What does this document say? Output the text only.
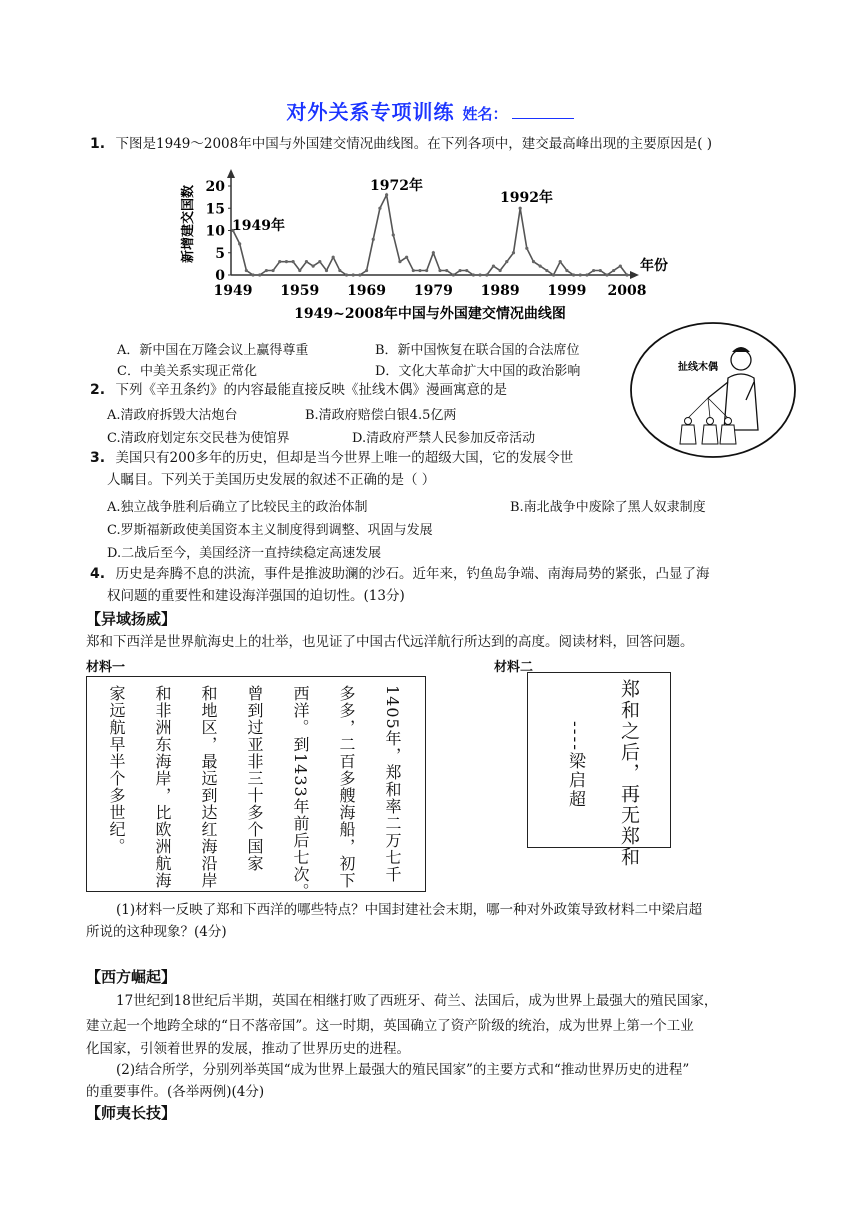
对外关系专项训练 姓名：
1. 下图是1949～2008年中国与外国建交情况曲线图。在下列各项中，建交最高峰出现的主要原因是( )
新增建交国数
0
5
10
15
20
1949 1959 1969 1979 1989 1999 2008
1949年
1972年
1992年
年份
1949~2008年中国与外国建交情况曲线图
A．新中国在万隆会议上赢得尊重	B．新中国恢复在联合国的合法席位
C．中美关系实现正常化	D．文化大革命扩大中国的政治影响	扯线木偶
2. 下列《辛丑条约》的内容最能直接反映《扯线木偶》漫画寓意的是
A.清政府拆毁大沽炮台	B.清政府赔偿白银4.5亿两
C.清政府划定东交民巷为使馆界	D.清政府严禁人民参加反帝活动
3. 美国只有200多年的历史，但却是当今世界上唯一的超级大国，它的发展令世
人瞩目。下列关于美国历史发展的叙述不正确的是（ ）
A.独立战争胜利后确立了比较民主的政治体制	B.南北战争中废除了黑人奴隶制度
C.罗斯福新政使美国资本主义制度得到调整、巩固与发展
D.二战后至今，美国经济一直持续稳定高速发展
4. 历史是奔腾不息的洪流，事件是推波助澜的沙石。近年来，钓鱼岛争端、南海局势的紧张，凸显了海
权问题的重要性和建设海洋强国的迫切性。(13分)
【异域扬威】
郑和下西洋是世界航海史上的壮举，也见证了中国古代远洋航行所达到的高度。阅读材料，回答问题。
材料一	材料二
1405年，郑和率二万七千
多多，二百多艘海船，初下
西洋。到1433年前后七次。
曾到过亚非三十多个国家
和地区，最远到达红海沿岸
和非洲东海岸，比欧洲航海
家远航早半个多世纪。	郑和之后，再无郑和
----梁启超
(1)材料一反映了郑和下西洋的哪些特点？中国封建社会末期，哪一种对外政策导致材料二中梁启超
所说的这种现象？(4分)
【西方崛起】
17世纪到18世纪后半期，英国在相继打败了西班牙、荷兰、法国后，成为世界上最强大的殖民国家，
建立起一个地跨全球的“日不落帝国”。这一时期，英国确立了资产阶级的统治，成为世界上第一个工业
化国家，引领着世界的发展，推动了世界历史的进程。
(2)结合所学，分别列举英国“成为世界上最强大的殖民国家”的主要方式和“推动世界历史的进程”
的重要事件。(各举两例)(4分)
【师夷长技】
